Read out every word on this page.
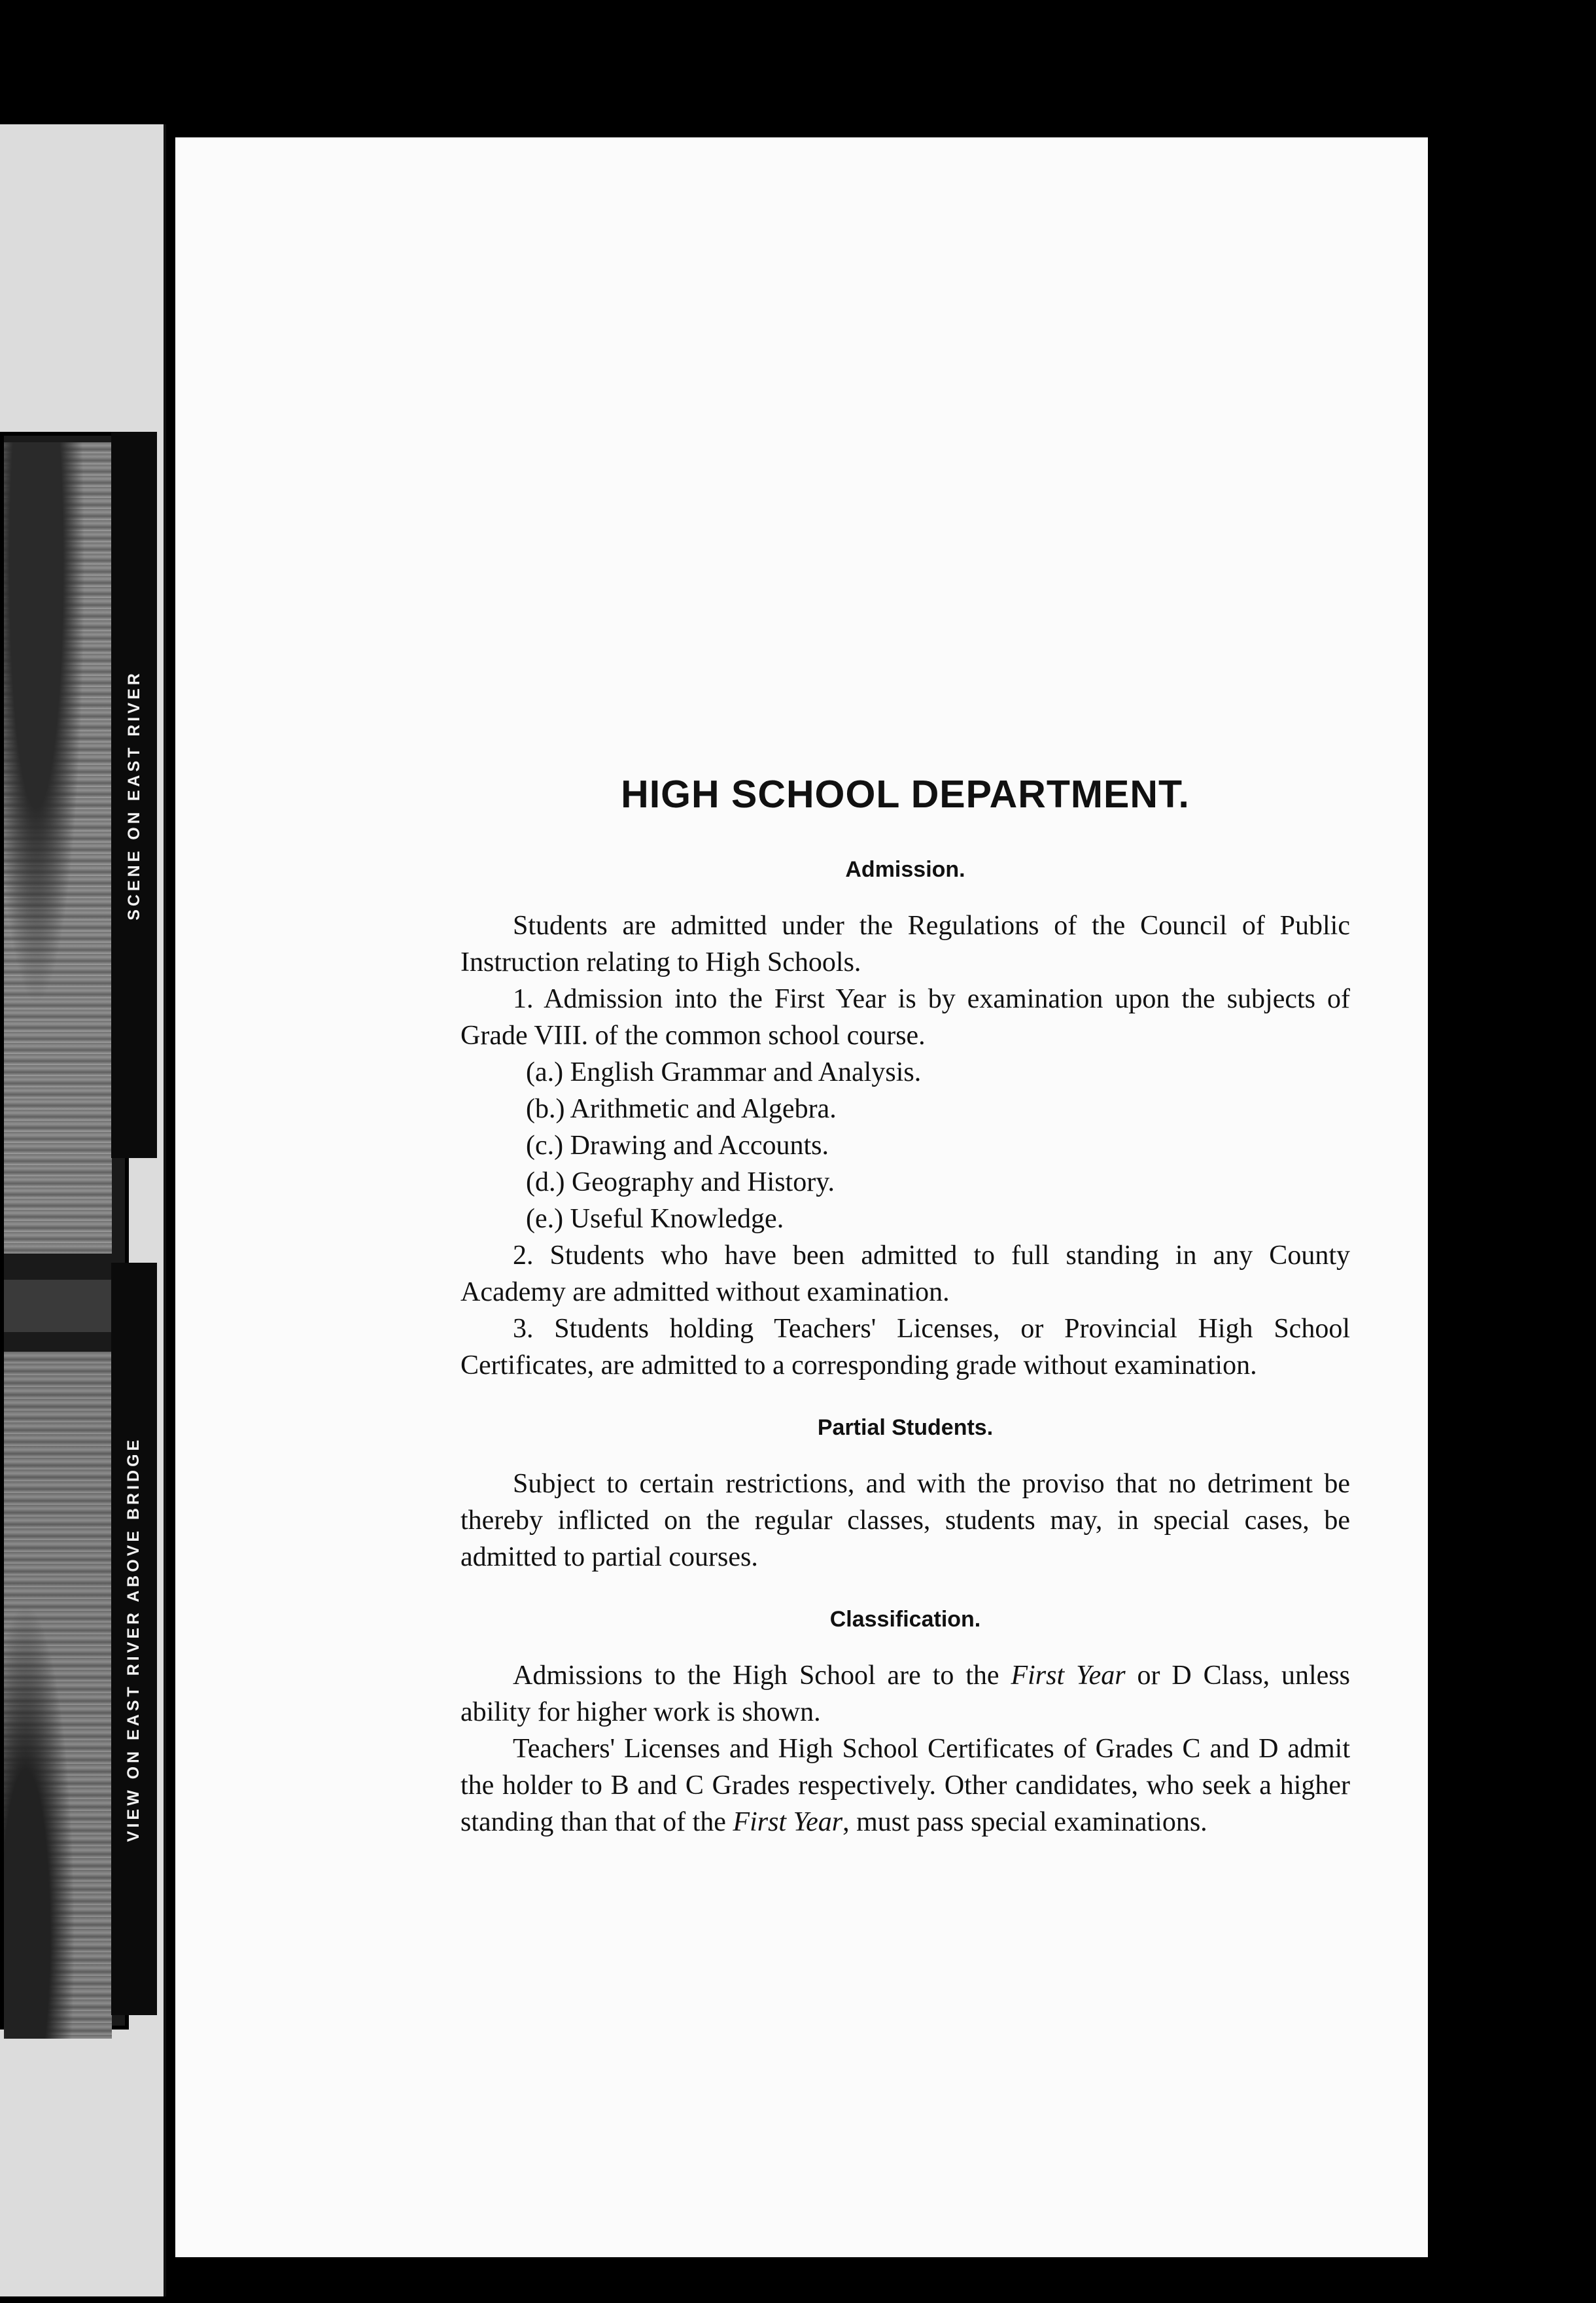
SCENE ON EAST RIVER
VIEW ON EAST RIVER ABOVE BRIDGE
HIGH SCHOOL DEPARTMENT.
Admission.

Students are admitted under the Regulations of the Council of Public Instruction relating to High Schools.

1. Admission into the First Year is by examination upon the subjects of Grade VIII. of the common school course.

(a.) English Grammar and Analysis.

(b.) Arithmetic and Algebra.

(c.) Drawing and Accounts.

(d.) Geography and History.

(e.) Useful Knowledge.

2. Students who have been admitted to full standing in any County Academy are admitted without examination.

3. Students holding Teachers' Licenses, or Provincial High School Certificates, are admitted to a corresponding grade without examination.

Partial Students.

Subject to certain restrictions, and with the proviso that no detriment be thereby inflicted on the regular classes, students may, in special cases, be admitted to partial courses.

Classification.

Admissions to the High School are to the First Year or D Class, unless ability for higher work is shown.

Teachers' Licenses and High School Certificates of Grades C and D admit the holder to B and C Grades respectively. Other candidates, who seek a higher standing than that of the First Year, must pass special examinations.
